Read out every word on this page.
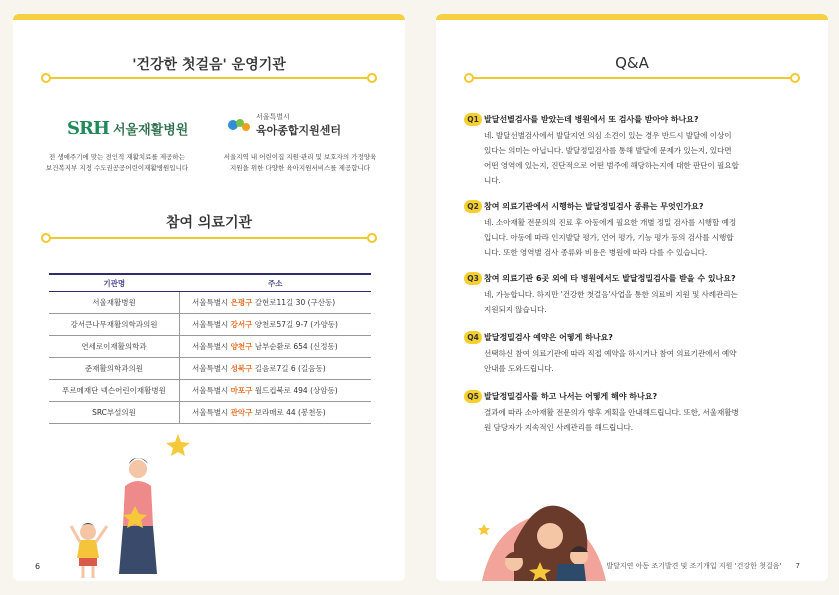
'건강한 첫걸음' 운영기관
SRH 서울재활병원
서울특별시
육아종합지원센터
전 생애주기에 맞는 전인적 재활치료를 제공하는
보건복지부 지정 수도권공공어린이재활병원입니다
서울지역 내 어린이집 지원·관리 및 보호자의 가정양육
지원을 위한 다양한 육아지원서비스를 제공합니다
참여 의료기관
기관명	주소
서울재활병원	서울특별시 은평구 갈현로11길 30 (구산동)
강서큰나무재활의학과의원	서울특별시 강서구 양천로57길 9-7 (가양동)
연세로이재활의학과	서울특별시 양천구 남부순환로 654 (신정동)
준재활의학과의원	서울특별시 성북구 길음로7길 6 (길음동)
푸르메재단 넥슨어린이재활병원	서울특별시 마포구 월드컵북로 494 (상암동)
SRC부설의원	서울특별시 관악구 보라매로 44 (봉천동)
6
Q&A
Q1 발달선별검사를 받았는데 병원에서 또 검사를 받아야 하나요?
네. 발달선별검사에서 발달지연 의심 소견이 있는 경우 반드시 발달에 이상이
있다는 의미는 아닙니다. 발달정밀검사를 통해 발달에 문제가 있는지, 있다면
어떤 영역에 있는지, 진단적으로 어떤 범주에 해당하는지에 대한 판단이 필요합
니다.
Q2 참여 의료기관에서 시행하는 발달정밀검사 종류는 무엇인가요?
네. 소아재활 전문의의 진료 후 아동에게 필요한 개별 정밀 검사를 시행할 예정
입니다. 아동에 따라 인지발달 평가, 언어 평가, 기능 평가 등의 검사를 시행합
니다. 또한 영역별 검사 종류와 비용은 병원에 따라 다를 수 있습니다.
Q3 참여 의료기관 6곳 외에 타 병원에서도 발달정밀검사를 받을 수 있나요?
네, 가능합니다. 하지만 '건강한 첫걸음'사업을 통한 의료비 지원 및 사례관리는
지원되지 않습니다.
Q4 발달정밀검사 예약은 어떻게 하나요?
선택하신 참여 의료기관에 따라 직접 예약을 하시거나 참여 의료기관에서 예약
안내를 도와드립니다.
Q5 발달정밀검사를 하고 나서는 어떻게 해야 하나요?
결과에 따라 소아재활 전문의가 향후 계획을 안내해드립니다. 또한, 서울재활병
원 담당자가 지속적인 사례관리를 해드립니다.
발달지연 아동 조기발견 및 조기개입 지원 '건강한 첫걸음' 7
